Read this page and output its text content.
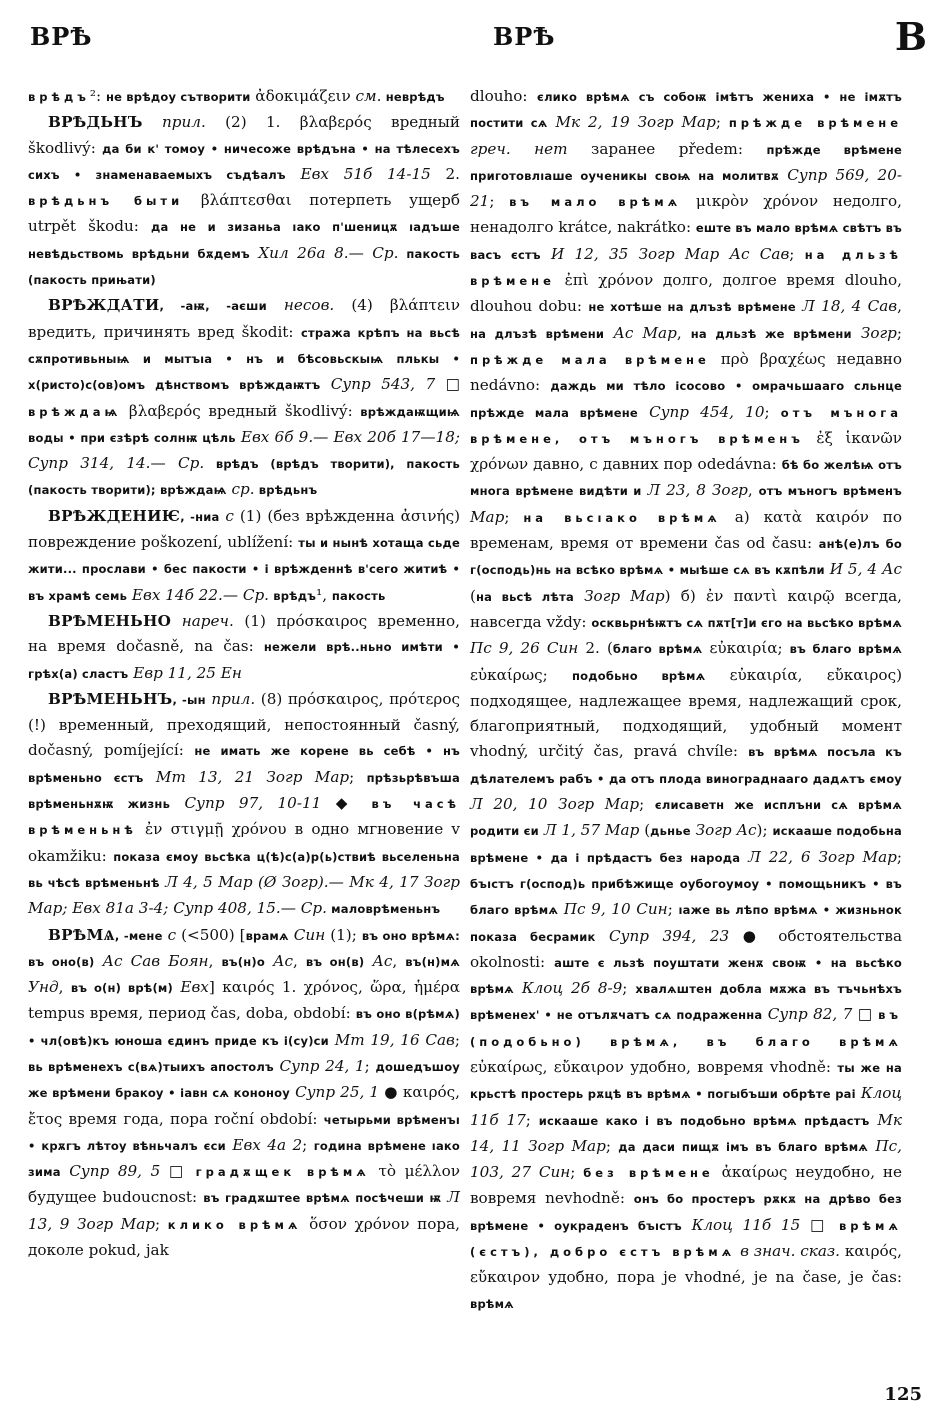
ВРѢ	ВРѢ	В

врѣдъ²: не врѣдоу сътворити ἀδοκιμάζειν см. неврѣдъ

ВРѢДЬНЪ прил. (2) 1. βλαβερός вредный škodlivý: да би к' томоу • ничесоже врѣдъна • на тѣлесехъ сихъ • знаменаваемыхъ съдѣалъ Евх 51б 14-15 2. врѣдьнъ быти βλάπτεσθαι потерпеть ущерб utrpět škodu: да не и зизаньа ıако п'шеницѫ ıадъше невѣдьствомь врѣдьни бѫдемъ Хил 26а 8.— Ср. пакость (пакость прињати)

ВРѢЖДАТИ, -аѭ, -аєши несов. (4) βλάπτειν вредить, причинять вред škodit: стража крѣпъ на вьсѣ сѫпротивьныѩ и мытъıа • нъ и бѣсовьскыѩ плькы • х(ристо)с(ов)омъ дѣнствомъ врѣждаѭтъ Супр 543, 7 □ врѣждаѩ βλαβερός вредный škodlivý: врѣждаѭщиѩ воды • при єзѣрѣ солнѭ цѣль Евх 6б 9.— Евх 20б 17—18; Супр 314, 14.— Ср. врѣдъ (врѣдъ творити), пакость (пакость творити); врѣждаѩ ср. врѣдьнъ

ВРѢЖДЕНИѤ, -ниа с (1) (без врѣжденна ἀσινής) повреждение poškození, ublížení: ты и нынѣ хотаща сьде жити... прослави • бес пакости • і врѣжденнѣ в'сего житиѣ • въ храмѣ семь Евх 14б 22.— Ср. врѣдъ¹, пакость

ВРѢМЕНЬНО нареч. (1) πρόσκαιρος временно, на время dočasně, na čas: нежели врѣ..ньно имѣти • грѣх(а) сластъ Евр 11, 25 Ен

ВРѢМЕНЬНЪ, -ын прил. (8) πρόσκαιρος, πρότερος (!) временный, преходящий, непостоянный časný, dočasný, pomíjející: не имать же корене вь себѣ • нъ врѣменьно єстъ Мт 13, 21 Зогр Мар; прѣзьрѣвъша врѣменьнѫѭ жизнь Супр 97, 10-11 ◆ въ часѣ врѣменьнѣ ἐν στιγμῇ χρόνου в одно мгновение v okamžiku: показа ємоу вьсѣка ц(ѣ)с(а)р(ь)ствиѣ вьселеньна вь чѣсѣ врѣменьнѣ Л 4, 5 Мар (Ø Зогр).— Мк 4, 17 Зогр Мар; Евх 81а 3-4; Супр 408, 15.— Ср. маловрѣменьнъ

ВРѢМѦ, -мене с (<500) [врамѧ Син (1); въ оно врѣмѧ: въ оно(в) Ас Сав Боян, въ(н)о Ас, въ он(в) Ас, въ(н)мѧ Унд, въ о(н) врѣ(м) Евх] καιρός 1. χρόνος, ὥρα, ἡμέρα tempus время, период čas, doba, období: въ оно в(рѣмѧ) • чл(овѣ)къ юноша єдинъ приде къ і(су)си Мт 19, 16 Сав; вь врѣменехъ с(вѧ)тыихъ апостолъ Супр 24, 1; дошедъшоу же врѣмени бракоу • іавн сѧ кононоу Супр 25, 1 ● καιρός, ἔτος время года, пора roční období: четырьми врѣменъı • крѫгъ лѣтоу вѣньчалъ єси Евх 4а 2; година врѣмене ıако зима Супр 89, 5 □ градѫщек врѣмѧ τὸ μέλλον будущее budoucnost: въ градѫштее врѣмѧ посѣчеши ѭ Л 13, 9 Зогр Мар; клико врѣмѧ ὅσον χρόνον пора, доколе pokud, jak

dlouho: єлико врѣмѧ съ собоѭ імѣтъ женихa • не імѫтъ постити сѧ Мк 2, 19 Зогр Мар; прѣжде врѣмене греч. нет заранее předem: прѣжде врѣмене приготовлıаше оученикы своѩ на молитвѫ Супр 569, 20-21; въ мало врѣмѧ μικρὸν χρόνον недолго, ненадолго krátce, nakrátko: еште въ мало врѣмѧ свѣтъ въ васъ єстъ И 12, 35 Зогр Мар Ас Сав; на дльзѣ врѣмене ἐπὶ χρόνον долго, долгое время dlouho, dlouhou dobu: не хотѣше на длъзѣ врѣмене Л 18, 4 Сав, на длъзѣ врѣмени Ас Мар, на дльзѣ же врѣмени Зогр; прѣжде мала врѣмене πρὸ βραχέως недавно nedávno: даждь ми тѣло ісосово • омрачьшаагo сльнце прѣжде мала врѣмене Супр 454, 10; отъ мънога врѣмене, отъ мъногъ врѣменъ ἐξ ἱκανῶν χρόνων давно, с давних пор odedávna: бѣ бо желѣѩ отъ многа врѣмене видѣти и Л 23, 8 Зогр, отъ мъногъ врѣменъ Мар; на вьсıако врѣмѧ а) κατὰ καιρόν по временам, время от времени čas od času: анѣ(е)лъ бо г(осподь)нь на всѣко врѣмѧ • мыѣше сѧ въ кѫпѣли И 5, 4 Ас (на вьсѣ лѣта Зогр Мар) б) ἐν παντὶ καιρῷ всегда, навсегда vždy: осквьрнѣѭтъ сѧ пѫт[т]и єго на вьсѣко врѣмѧ Пс 9, 26 Син 2. (благо врѣмѧ εὐκαιρία; въ благо врѣмѧ εὐκαίρως; подобьно врѣмѧ εὐκαιρία, εὔκαιρος) подходящее, надлежащее время, надлежащий срок, благоприятный, подходящий, удобный момент vhodný, určitý čas, pravá chvíle: въ врѣмѧ посъла къ дѣлателемъ рабъ • да отъ плода винограднааго дадѧтъ ємоу Л 20, 10 Зогр Мар; єлисаветн же исплъни сѧ врѣмѧ родити єи Л 1, 57 Мар (дьнье Зогр Ас); искааше подобьна врѣмене • да і прѣдастъ без народа Л 22, 6 Зогр Мар; бъıстъ г(оспод)ь прибѣжище оубогоумоу • помощьникъ • въ благо врѣмѧ Пс 9, 10 Син; ıаже вь лѣпо врѣмѧ • жизньнок показа бесрамик Супр 394, 23 ● обстоятельства okolnosti: аште є льзѣ поуштати женѫ своѭ • на вьсѣко врѣмѧ Клоц 2б 8-9; хвалѧштен добла мѫжа въ тъчьнѣхъ врѣменех' • не отълѫчатъ сѧ подраженна Супр 82, 7 □ въ (подобьно) врѣмѧ, въ благо врѣмѧ εὐκαίρως, εὔκαιρον удобно, вовремя vhodně: ты же на крьстѣ простерь рѫцѣ въ врѣмѧ • погыбъши обрѣте раі Клоц 11б 17; искааше како і въ подобьно врѣмѧ прѣдастъ Мк 14, 11 Зогр Мар; да даси пищѫ імъ въ благо врѣмѧ Пс, 103, 27 Син; без врѣмене ἀκαίρως неудобно, не вовремя nevhodně: онъ бо простеръ рѫкѫ на дрѣво без врѣмене • оукраденъ бъıстъ Клоц 11б 15 □ врѣмѧ (єстъ), добро єстъ врѣмѧ в знач. сказ. καιρός, εὔκαιρον удобно, пора je vhodné, je na čase, je čas: врѣмѧ

125
